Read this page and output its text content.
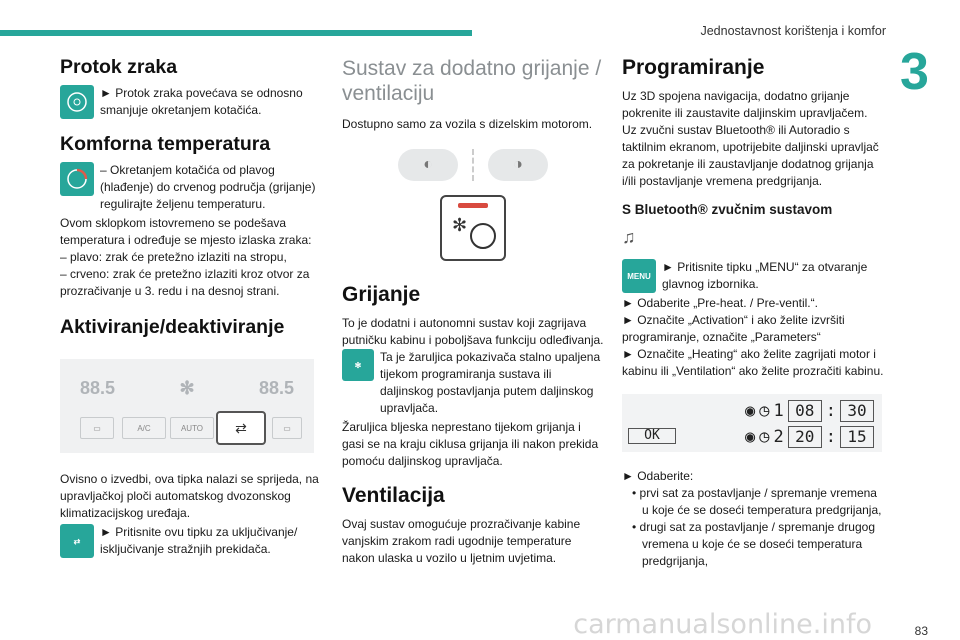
Jednostavnost korištenja i komfor
3
Protok zraka

► Protok zraka povećava se odnosno smanjuje okretanjem kotačića.

Komforna temperatura

– Okretanjem kotačića od plavog (hlađenje) do crvenog područja (grijanje) regulirajte željenu temperaturu.

Ovom sklopkom istovremeno se podešava temperatura i određuje se mjesto izlaska zraka:

– plavo: zrak će pretežno izlaziti na stropu,

– crveno: zrak će pretežno izlaziti kroz otvor za prozračivanje u 3. redu i na desnoj strani.

Aktiviranje/deaktiviranje
88.5	✻	88.5
▭	A/C	AUTO	⇄	▭

Ovisno o izvedbi, ova tipka nalazi se sprijeda, na upravljačkoj ploči automatskog dvozonskog klimatizacijskog uređaja.

⇄

► Pritisnite ovu tipku za uključivanje/ isključivanje stražnjih prekidača.

Sustav za dodatno grijanje / ventilaciju

Dostupno samo za vozila s dizelskim motorom.

◐	◑
✻
Grijanje

To je dodatni i autonomni sustav koji zagrijava putničku kabinu i poboljšava funkciju odleđivanja.

✻

Ta je žaruljica pokazivača stalno upaljena tijekom programiranja sustava ili daljinskog postavljanja putem daljinskog upravljača.

Žaruljica bljeska neprestano tijekom grijanja i gasi se na kraju ciklusa grijanja ili nakon prekida pomoću daljinskog upravljača.

Ventilacija

Ovaj sustav omogućuje prozračivanje kabine vanjskim zrakom radi ugodnije temperature nakon ulaska u vozilo u ljetnim uvjetima.

Programiranje

Uz 3D spojena navigacija, dodatno grijanje pokrenite ili zaustavite daljinskim upravljačem.

Uz zvučni sustav Bluetooth® ili Autoradio s taktilnim ekranom, upotrijebite daljinski upravljač za pokretanje ili zaustavljanje dodatnog grijanja i/ili postavljanje vremena predgrijanja.

S Bluetooth® zvučnim sustavom
♫
MENU

► Pritisnite tipku „MENU“ za otvaranje glavnog izbornika.

► Odaberite „Pre-heat. / Pre-ventil.“.

► Označite „Activation“ i ako želite izvršiti programiranje, označite „Parameters“

► Označite „Heating“ ako želite zagrijati motor i kabinu ili „Ventilation“ ako želite prozračiti kabinu.

OK
◉ ◷ 1 08 : 30
◉ ◷ 2 20 : 15

► Odaberite:

• prvi sat za postavljanje / spremanje vremena u koje će se doseći temperatura predgrijanja,

• drugi sat za postavljanje / spremanje drugog vremena u koje će se doseći temperatura predgrijanja,

carmanualsonline.info	83
